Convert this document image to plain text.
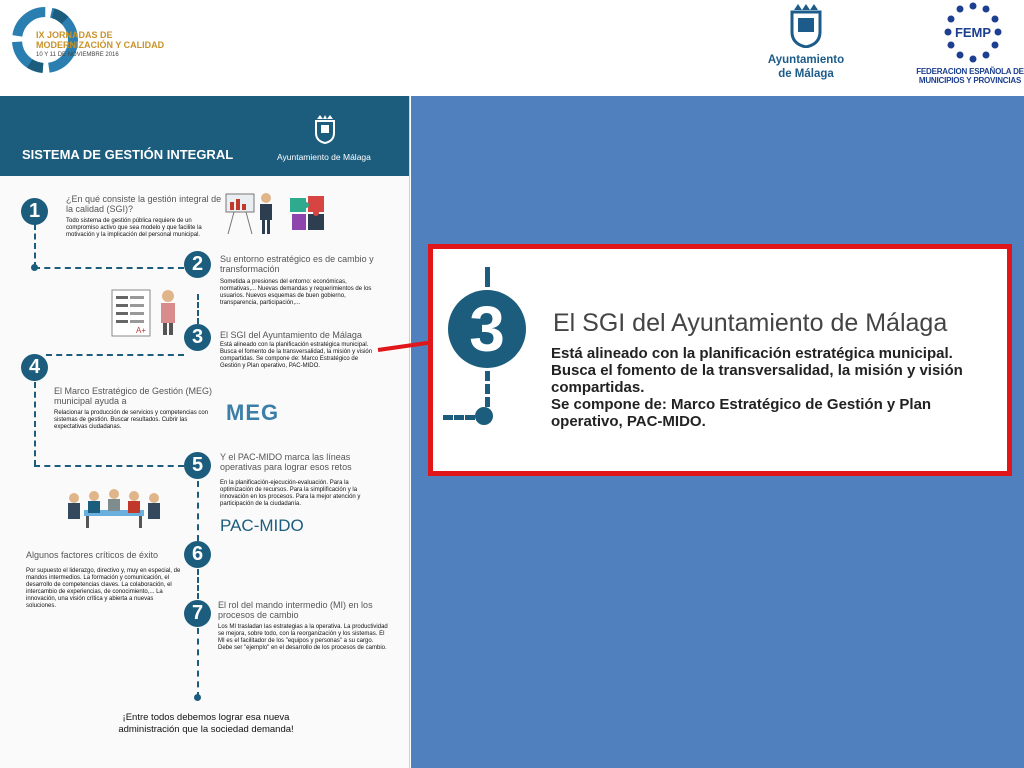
IX JORNADAS DE
MODERNIZACIÓN Y CALIDAD
10 Y 11 DE NOVIEMBRE 2016	Ayuntamiento
de Málaga
FEMP
FEDERACION ESPAÑOLA DE
MUNICIPIOS Y PROVINCIAS
SISTEMA DE GESTIÓN INTEGRAL	Ayuntamiento de Málaga
1
2
3
4
5
6
7
¿En qué consiste la gestión integral de la calidad (SGI)?
Todo sistema de gestión pública requiere de un compromiso activo que sea modelo y que facilite la motivación y la implicación del personal municipal.
Su entorno estratégico es de cambio y transformación
Sometida a presiones del entorno: económicas, normativas,... Nuevas demandas y requerimientos de los usuarios. Nuevos esquemas de buen gobierno, transparencia, participación,...
A+	El SGI del Ayuntamiento de Málaga
Está alineado con la planificación estratégica municipal. Busca el fomento de la transversalidad, la misión y visión compartidas. Se compone de: Marco Estratégico de Gestión y Plan operativo, PAC-MIDO.
El Marco Estratégico de Gestión (MEG) municipal ayuda a
Relacionar la producción de servicios y competencias con sistemas de gestión. Buscar resultados. Cubrir las expectativas ciudadanas.
MEG
Y el PAC-MIDO marca las líneas operativas para lograr esos retos
En la planificación-ejecución-evaluación. Para la optimización de recursos. Para la simplificación y la innovación en los procesos. Para la mejor atención y participación de la ciudadanía.
PAC-MIDO
Algunos factores críticos de éxito
Por supuesto el liderazgo, directivo y, muy en especial, de mandos intermedios. La formación y comunicación, el desarrollo de competencias claves. La colaboración, el intercambio de experiencias, de conocimiento,... La innovación, una visión crítica y abierta a nuevas soluciones.	El rol del mando intermedio (MI) en los procesos de cambio
Los MI trasladan las estrategias a la operativa. La productividad se mejora, sobre todo, con la reorganización y los sistemas. El MI es el facilitador de los "equipos y personas" a su cargo. Debe ser "ejemplo" en el desarrollo de los procesos de cambio.
¡Entre todos debemos lograr esa nueva administración que la sociedad demanda!
3	El SGI del Ayuntamiento de Málaga
Está alineado con la planificación estratégica municipal.
Busca el fomento de la transversalidad, la misión y visión compartidas.
Se compone de: Marco Estratégico de Gestión y Plan operativo, PAC-MIDO.
